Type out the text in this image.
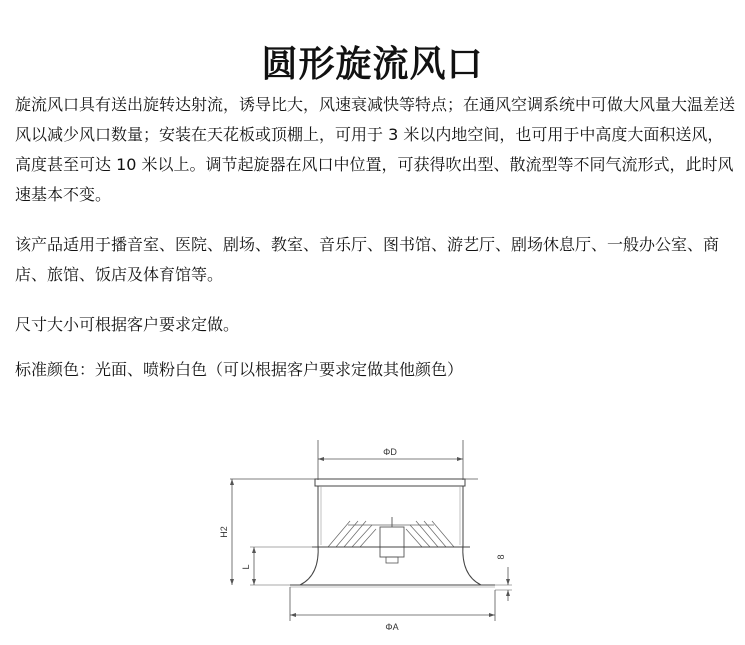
圆形旋流风口

旋流风口具有送出旋转达射流，诱导比大，风速衰减快等特点；在通风空调系统中可做大风量大温差送风以减少风口数量；安装在天花板或顶棚上，可用于 3 米以内地空间，也可用于中高度大面积送风，高度甚至可达 10 米以上。调节起旋器在风口中位置，可获得吹出型、散流型等不同气流形式，此时风速基本不变。

该产品适用于播音室、医院、剧场、教室、音乐厅、图书馆、游艺厅、剧场休息厅、一般办公室、商店、旅馆、饭店及体育馆等。

尺寸大小可根据客户要求定做。

标准颜色：光面、喷粉白色（可以根据客户要求定做其他颜色）

ΦD
H2
L
8
ΦA
